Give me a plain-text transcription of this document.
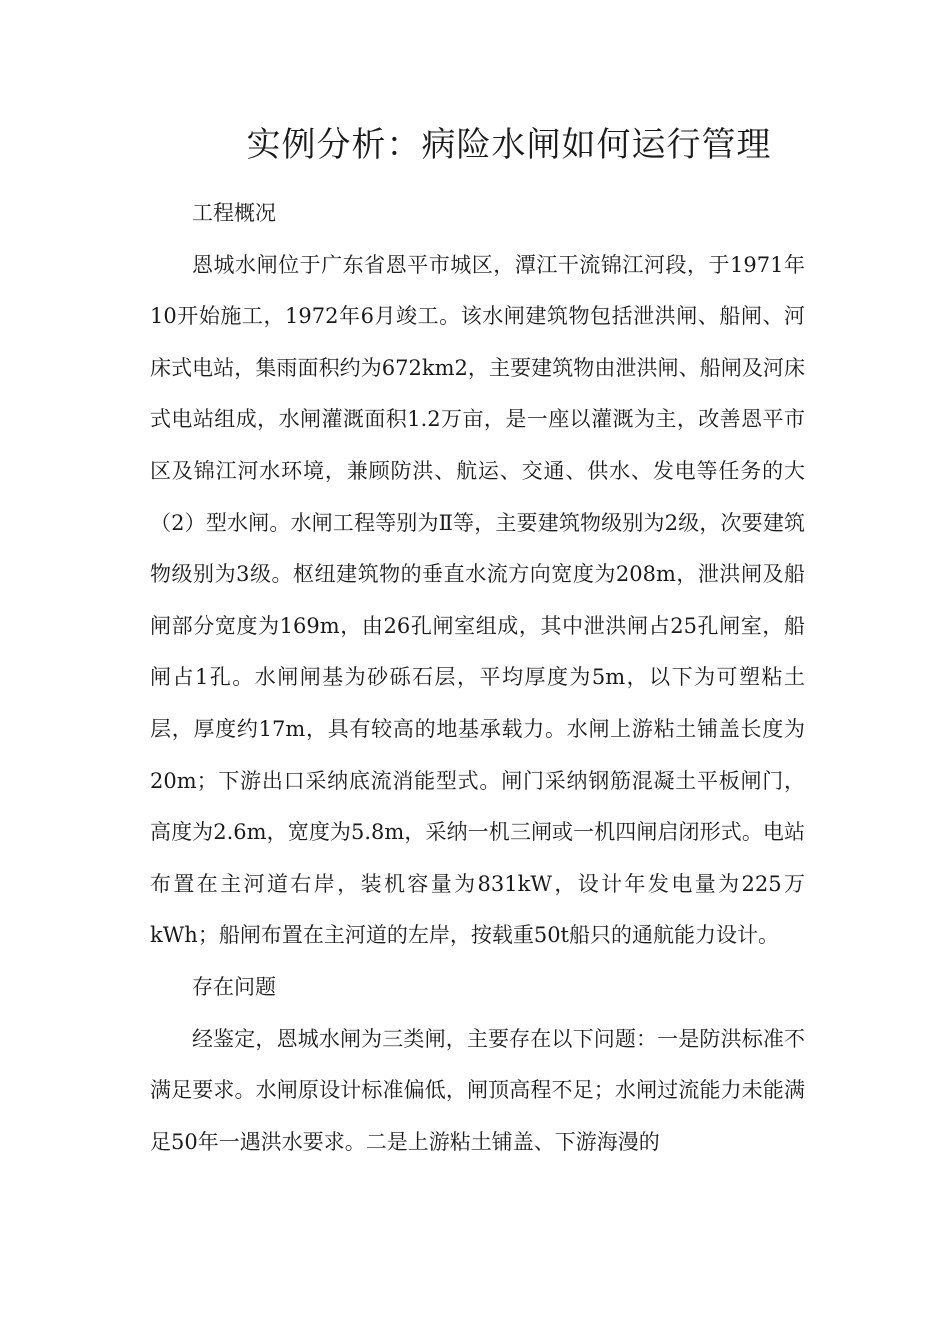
实例分析：病险水闸如何运行管理

工程概况

恩城水闸位于广东省恩平市城区，潭江干流锦江河段，于1971年10开始施工，1972年6月竣工。该水闸建筑物包括泄洪闸、船闸、河床式电站，集雨面积约为672km2，主要建筑物由泄洪闸、船闸及河床式电站组成，水闸灌溉面积1.2万亩，是一座以灌溉为主，改善恩平市区及锦江河水环境，兼顾防洪、航运、交通、供水、发电等任务的大（2）型水闸。水闸工程等别为Ⅱ等，主要建筑物级别为2级，次要建筑物级别为3级。枢纽建筑物的垂直水流方向宽度为208m，泄洪闸及船闸部分宽度为169m，由26孔闸室组成，其中泄洪闸占25孔闸室，船闸占1孔。水闸闸基为砂砾石层，平均厚度为5m，以下为可塑粘土层，厚度约17m，具有较高的地基承载力。水闸上游粘土铺盖长度为20m；下游出口采纳底流消能型式。闸门采纳钢筋混凝土平板闸门，高度为2.6m，宽度为5.8m，采纳一机三闸或一机四闸启闭形式。电站布置在主河道右岸，装机容量为831kW，设计年发电量为225万kWh；船闸布置在主河道的左岸，按载重50t船只的通航能力设计。

存在问题

经鉴定，恩城水闸为三类闸，主要存在以下问题：一是防洪标准不满足要求。水闸原设计标准偏低，闸顶高程不足；水闸过流能力未能满足50年一遇洪水要求。二是上游粘土铺盖、下游海漫的
